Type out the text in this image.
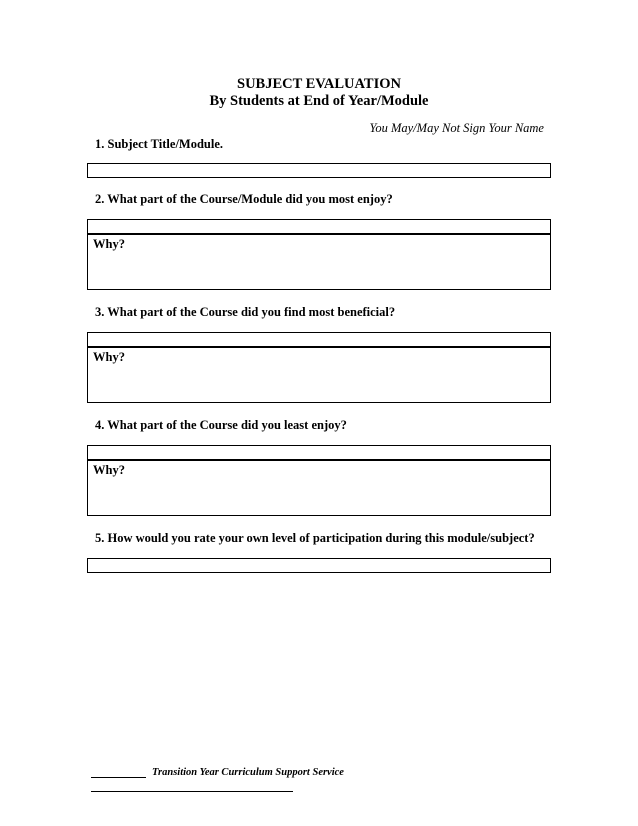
SUBJECT EVALUATION
By Students at End of Year/Module
You May/May Not Sign Your Name
1. Subject Title/Module.
2. What part of the Course/Module did you most enjoy?
Why?
3. What part of the Course did you find most beneficial?
Why?
4. What part of the Course did you least enjoy?
Why?
5. How would you rate your own level of participation during this module/subject?
Transition Year Curriculum Support Service
